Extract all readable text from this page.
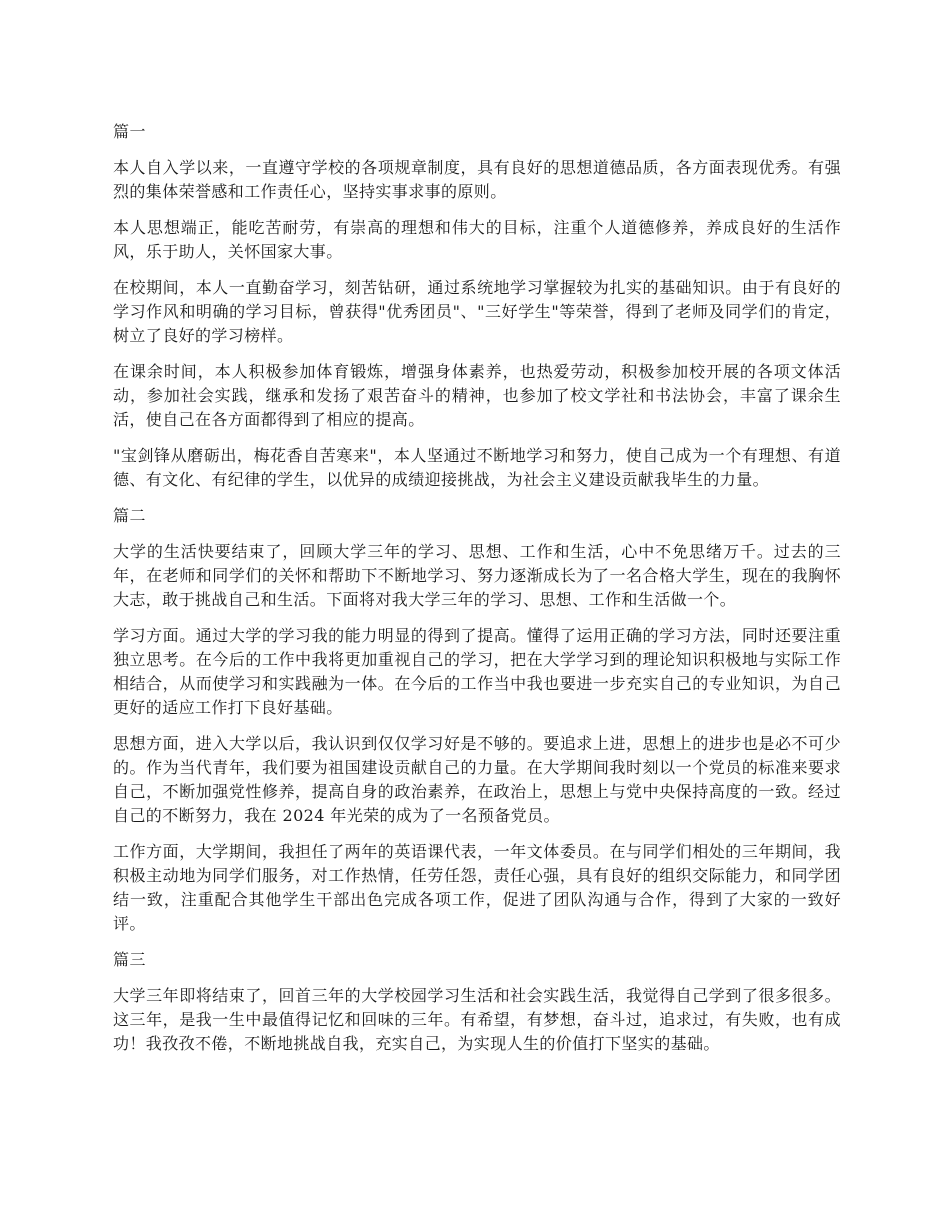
篇一

本人自入学以来，一直遵守学校的各项规章制度，具有良好的思想道德品质，各方面表现优秀。有强烈的集体荣誉感和工作责任心，坚持实事求事的原则。

本人思想端正，能吃苦耐劳，有崇高的理想和伟大的目标，注重个人道德修养，养成良好的生活作风，乐于助人，关怀国家大事。

在校期间，本人一直勤奋学习，刻苦钻研，通过系统地学习掌握较为扎实的基础知识。由于有良好的学习作风和明确的学习目标，曾获得"优秀团员"、"三好学生"等荣誉，得到了老师及同学们的肯定，树立了良好的学习榜样。

在课余时间，本人积极参加体育锻炼，增强身体素养，也热爱劳动，积极参加校开展的各项文体活动，参加社会实践，继承和发扬了艰苦奋斗的精神，也参加了校文学社和书法协会，丰富了课余生活，使自己在各方面都得到了相应的提高。

"宝剑锋从磨砺出，梅花香自苦寒来"，本人坚通过不断地学习和努力，使自己成为一个有理想、有道德、有文化、有纪律的学生，以优异的成绩迎接挑战，为社会主义建设贡献我毕生的力量。

篇二

大学的生活快要结束了，回顾大学三年的学习、思想、工作和生活，心中不免思绪万千。过去的三年，在老师和同学们的关怀和帮助下不断地学习、努力逐渐成长为了一名合格大学生，现在的我胸怀大志，敢于挑战自己和生活。下面将对我大学三年的学习、思想、工作和生活做一个。

学习方面。通过大学的学习我的能力明显的得到了提高。懂得了运用正确的学习方法，同时还要注重独立思考。在今后的工作中我将更加重视自己的学习，把在大学学习到的理论知识积极地与实际工作相结合，从而使学习和实践融为一体。在今后的工作当中我也要进一步充实自己的专业知识，为自己更好的适应工作打下良好基础。

思想方面，进入大学以后，我认识到仅仅学习好是不够的。要追求上进，思想上的进步也是必不可少的。作为当代青年，我们要为祖国建设贡献自己的力量。在大学期间我时刻以一个党员的标准来要求自己，不断加强党性修养，提高自身的政治素养，在政治上，思想上与党中央保持高度的一致。经过自己的不断努力，我在 2024 年光荣的成为了一名预备党员。

工作方面，大学期间，我担任了两年的英语课代表，一年文体委员。在与同学们相处的三年期间，我积极主动地为同学们服务，对工作热情，任劳任怨，责任心强，具有良好的组织交际能力，和同学团结一致，注重配合其他学生干部出色完成各项工作，促进了团队沟通与合作，得到了大家的一致好评。

篇三

大学三年即将结束了，回首三年的大学校园学习生活和社会实践生活，我觉得自己学到了很多很多。这三年，是我一生中最值得记忆和回味的三年。有希望，有梦想，奋斗过，追求过，有失败，也有成功！我孜孜不倦，不断地挑战自我，充实自己，为实现人生的价值打下坚实的基础。
